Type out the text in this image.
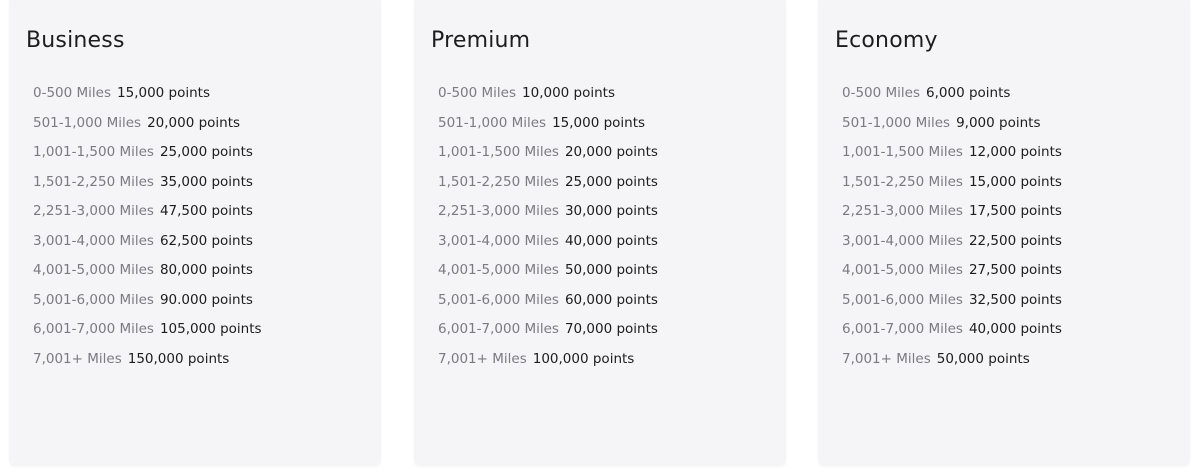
Business
0-500 Miles 15,000 points
501-1,000 Miles 20,000 points
1,001-1,500 Miles 25,000 points
1,501-2,250 Miles 35,000 points
2,251-3,000 Miles 47,500 points
3,001-4,000 Miles 62,500 points
4,001-5,000 Miles 80,000 points
5,001-6,000 Miles 90.000 points
6,001-7,000 Miles 105,000 points
7,001+ Miles 150,000 points
Premium
0-500 Miles 10,000 points
501-1,000 Miles 15,000 points
1,001-1,500 Miles 20,000 points
1,501-2,250 Miles 25,000 points
2,251-3,000 Miles 30,000 points
3,001-4,000 Miles 40,000 points
4,001-5,000 Miles 50,000 points
5,001-6,000 Miles 60,000 points
6,001-7,000 Miles 70,000 points
7,001+ Miles 100,000 points
Economy
0-500 Miles 6,000 points
501-1,000 Miles 9,000 points
1,001-1,500 Miles 12,000 points
1,501-2,250 Miles 15,000 points
2,251-3,000 Miles 17,500 points
3,001-4,000 Miles 22,500 points
4,001-5,000 Miles 27,500 points
5,001-6,000 Miles 32,500 points
6,001-7,000 Miles 40,000 points
7,001+ Miles 50,000 points
